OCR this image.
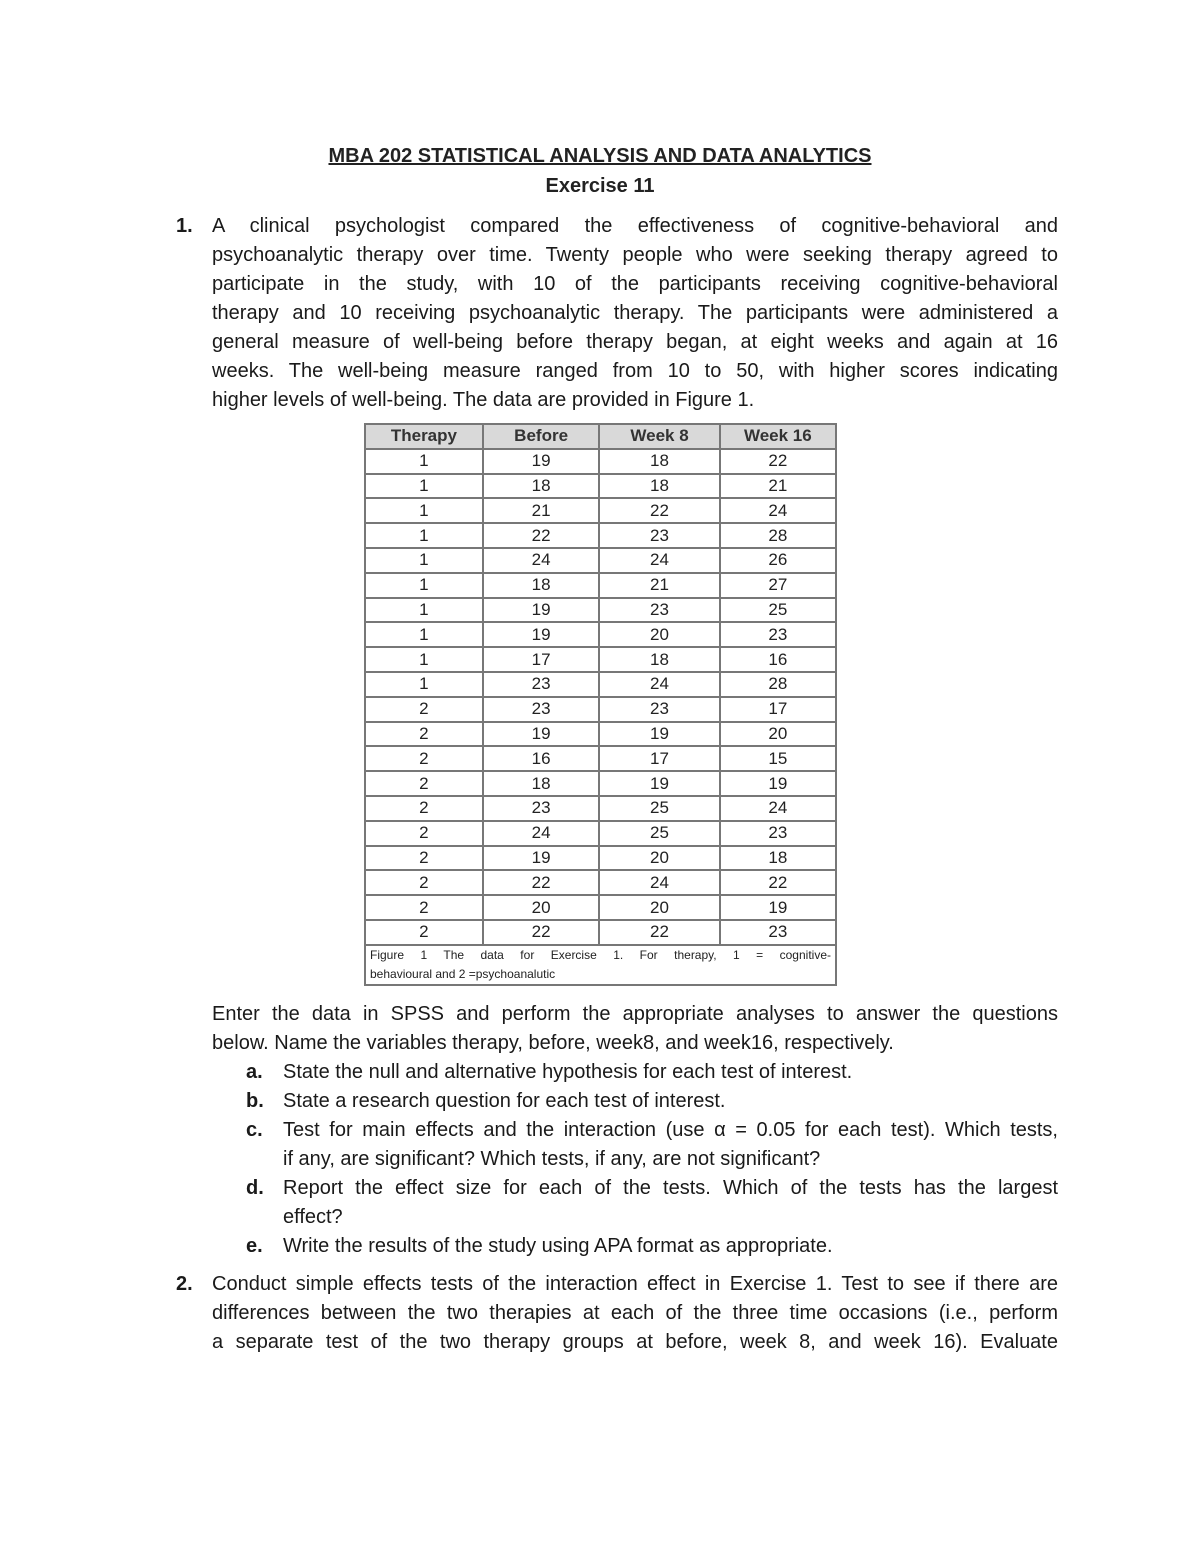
MBA 202 STATISTICAL ANALYSIS AND DATA ANALYTICS
Exercise 11
1. A clinical psychologist compared the effectiveness of cognitive-behavioral and
psychoanalytic therapy over time. Twenty people who were seeking therapy agreed to
participate in the study, with 10 of the participants receiving cognitive-behavioral
therapy and 10 receiving psychoanalytic therapy. The participants were administered a
general measure of well-being before therapy began, at eight weeks and again at 16
weeks. The well-being measure ranged from 10 to 50, with higher scores indicating
higher levels of well-being. The data are provided in Figure 1.
Therapy	Before	Week 8	Week 16
1	19	18	22
1	18	18	21
1	21	22	24
1	22	23	28
1	24	24	26
1	18	21	27
1	19	23	25
1	19	20	23
1	17	18	16
1	23	24	28
2	23	23	17
2	19	19	20
2	16	17	15
2	18	19	19
2	23	25	24
2	24	25	23
2	19	20	18
2	22	24	22
2	20	20	19
2	22	22	23

Figure 1 The data for Exercise 1. For therapy, 1 = cognitive-
behavioural and 2 =psychoanalutic			
Enter the data in SPSS and perform the appropriate analyses to answer the questions
below. Name the variables therapy, before, week8, and week16, respectively.
a. State the null and alternative hypothesis for each test of interest.
b. State a research question for each test of interest.
c. Test for main effects and the interaction (use α = 0.05 for each test). Which tests,
if any, are significant? Which tests, if any, are not significant?
d. Report the effect size for each of the tests. Which of the tests has the largest
effect?
e. Write the results of the study using APA format as appropriate.
2. Conduct simple effects tests of the interaction effect in Exercise 1. Test to see if there are
differences between the two therapies at each of the three time occasions (i.e., perform
a separate test of the two therapy groups at before, week 8, and week 16). Evaluate
